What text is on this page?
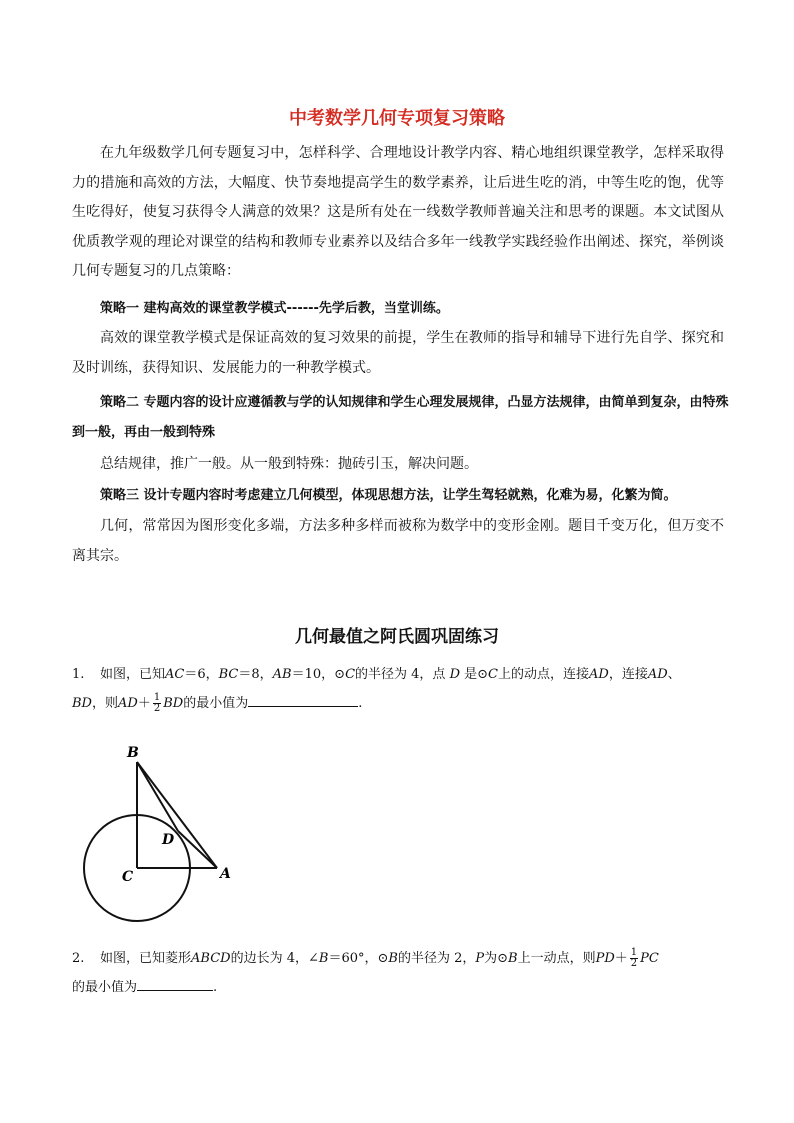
中考数学几何专项复习策略
在九年级数学几何专题复习中，怎样科学、合理地设计教学内容、精心地组织课堂教学，怎样采取得力的措施和高效的方法，大幅度、快节奏地提高学生的数学素养，让后进生吃的消，中等生吃的饱，优等生吃得好，使复习获得令人满意的效果？这是所有处在一线数学教师普遍关注和思考的课题。本文试图从优质教学观的理论对课堂的结构和教师专业素养以及结合多年一线教学实践经验作出阐述、探究，举例谈几何专题复习的几点策略：
策略一 建构高效的课堂教学模式------先学后教，当堂训练。
高效的课堂教学模式是保证高效的复习效果的前提，学生在教师的指导和辅导下进行先自学、探究和及时训练，获得知识、发展能力的一种教学模式。
策略二 专题内容的设计应遵循教与学的认知规律和学生心理发展规律，凸显方法规律，由简单到复杂，由特殊到一般，再由一般到特殊
总结规律，推广一般。从一般到特殊：抛砖引玉，解决问题。
策略三 设计专题内容时考虑建立几何模型，体现思想方法，让学生驾轻就熟，化难为易，化繁为简。
几何，常常因为图形变化多端，方法多种多样而被称为数学中的变形金刚。题目千变万化，但万变不离其宗。
几何最值之阿氏圆巩固练习
1. 如图，已知AC＝6，BC＝8，AB＝10，⊙C的半径为 4，点 D 是⊙C上的动点，连接AD，连接AD、
BD，则$AD+ \frac{1}{2}$ BD的最小值为	.
B
C
D
A
2. 如图，已知菱形ABCD的边长为 4，∠B＝60°，⊙B的半径为 2，P为⊙B上一动点，则$PD+ \frac{1}{2}$ PC
的最小值为	.
